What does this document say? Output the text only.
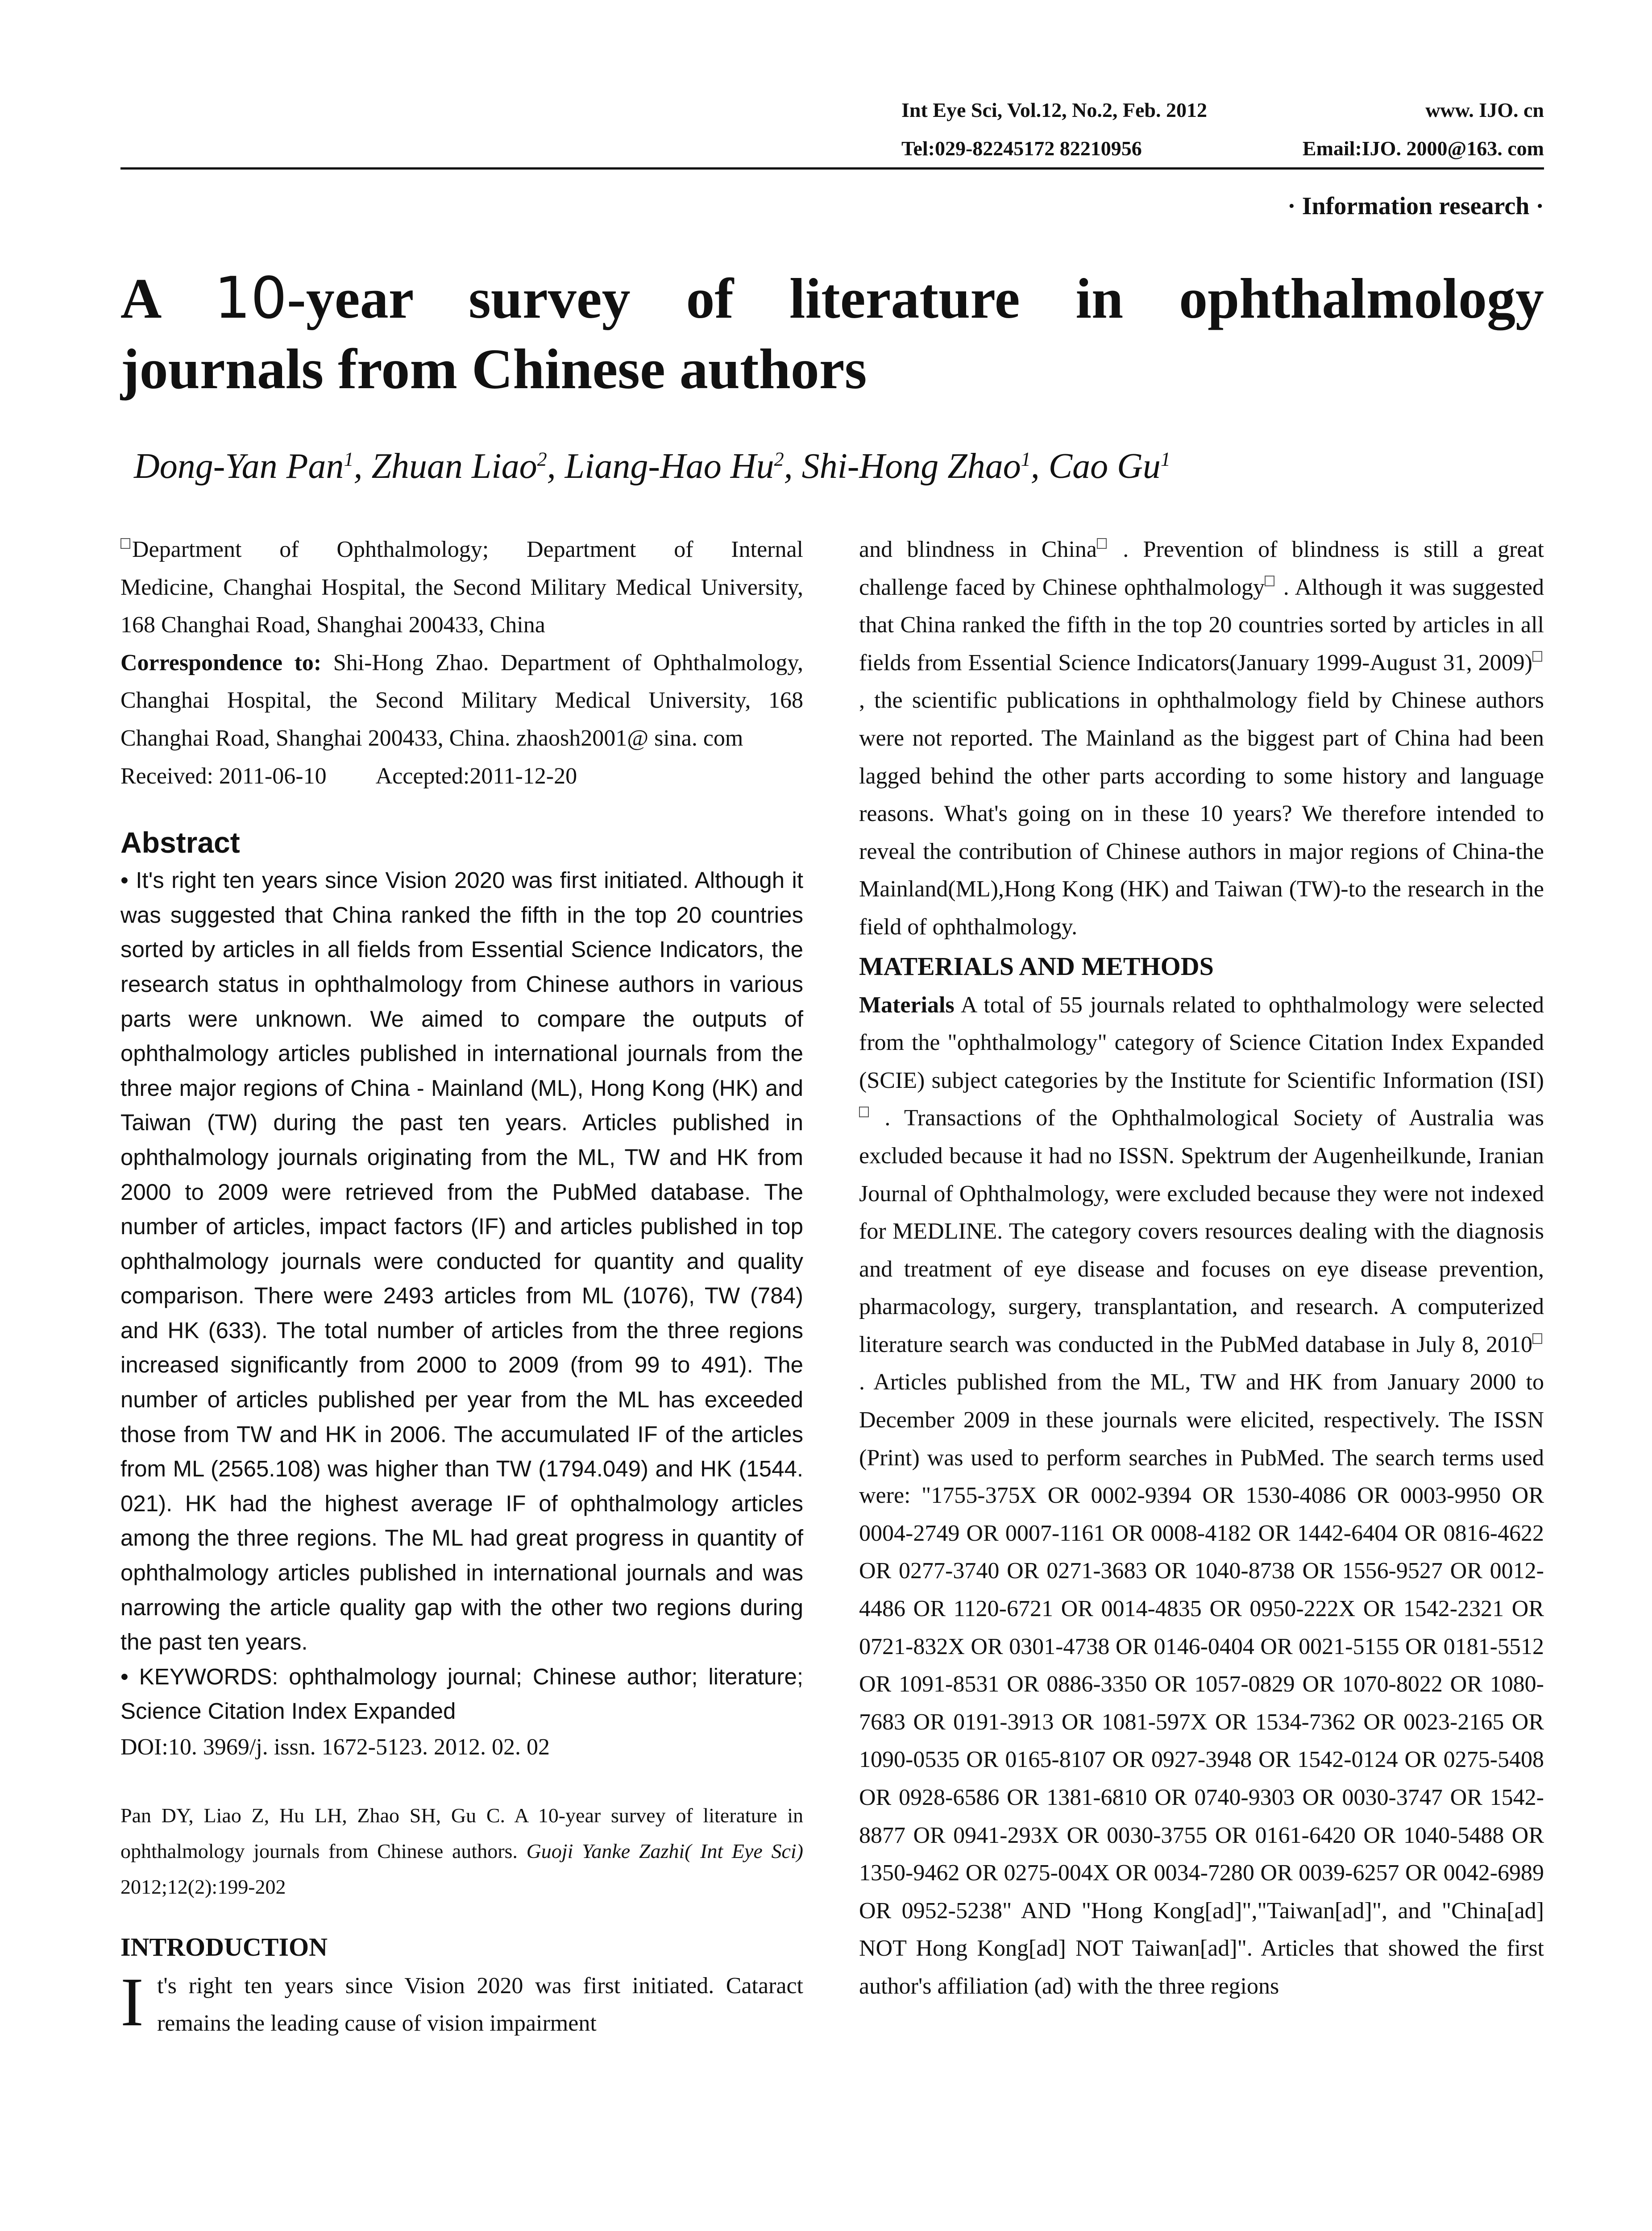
Int Eye Sci, Vol.12, No.2, Feb. 2012	www. IJO. cn
Tel:029-82245172 82210956	Email:IJO. 2000@163. com
· Information research ·
A 10-year survey of literature in ophthalmology
journals from Chinese authors
Dong-Yan Pan$^1$, Zhuan Liao$^2$, Liang-Hao Hu$^2$, Shi-Hong Zhao$^1$, Cao Gu$^1$

Department of Ophthalmology; Department of Internal

Medicine, Changhai Hospital, the Second Military Medical University, 168 Changhai Road, Shanghai 200433, China

Correspondence to: Shi-Hong Zhao. Department of Ophthalmology, Changhai Hospital, the Second Military Medical University, 168 Changhai Road, Shanghai 200433, China. zhaosh2001@ sina. com

Received: 2011-06-10 Accepted:2011-12-20

Abstract

• It's right ten years since Vision 2020 was first initiated. Although it was suggested that China ranked the fifth in the top 20 countries sorted by articles in all fields from Essential Science Indicators, the research status in ophthalmology from Chinese authors in various parts were unknown. We aimed to compare the outputs of ophthalmology articles published in international journals from the three major regions of China - Mainland (ML), Hong Kong (HK) and Taiwan (TW) during the past ten years. Articles published in ophthalmology journals originating from the ML, TW and HK from 2000 to 2009 were retrieved from the PubMed database. The number of articles, impact factors (IF) and articles published in top ophthalmology journals were conducted for quantity and quality comparison. There were 2493 articles from ML (1076), TW (784) and HK (633). The total number of articles from the three regions increased significantly from 2000 to 2009 (from 99 to 491). The number of articles published per year from the ML has exceeded those from TW and HK in 2006. The accumulated IF of the articles from ML (2565.108) was higher than TW (1794.049) and HK (1544. 021). HK had the highest average IF of ophthalmology articles among the three regions. The ML had great progress in quantity of ophthalmology articles published in international journals and was narrowing the article quality gap with the other two regions during the past ten years.

• KEYWORDS: ophthalmology journal; Chinese author; literature; Science Citation Index Expanded

DOI:10. 3969/j. issn. 1672-5123. 2012. 02. 02

Pan DY, Liao Z, Hu LH, Zhao SH, Gu C. A 10-year survey of literature in ophthalmology journals from Chinese authors. Guoji Yanke Zazhi( Int Eye Sci) 2012;12(2):199-202

INTRODUCTION

It's right ten years since Vision 2020 was first initiated. Cataract remains the leading cause of vision impairment

and blindness in China . Prevention of blindness is still a great challenge faced by Chinese ophthalmology . Although it was suggested that China ranked the fifth in the top 20 countries sorted by articles in all fields from Essential Science Indicators(January 1999-August 31, 2009) , the scientific publications in ophthalmology field by Chinese authors were not reported. The Mainland as the biggest part of China had been lagged behind the other parts according to some history and language reasons. What's going on in these 10 years? We therefore intended to reveal the contribution of Chinese authors in major regions of China-the Mainland(ML),Hong Kong (HK) and Taiwan (TW)-to the research in the field of ophthalmology.

MATERIALS AND METHODS

Materials A total of 55 journals related to ophthalmology were selected from the "ophthalmology" category of Science Citation Index Expanded (SCIE) subject categories by the Institute for Scientific Information (ISI) . Transactions of the Ophthalmological Society of Australia was excluded because it had no ISSN. Spektrum der Augenheilkunde, Iranian Journal of Ophthalmology, were excluded because they were not indexed for MEDLINE. The category covers resources dealing with the diagnosis and treatment of eye disease and focuses on eye disease prevention, pharmacology, surgery, transplantation, and research. A computerized literature search was conducted in the PubMed database in July 8, 2010 . Articles published from the ML, TW and HK from January 2000 to December 2009 in these journals were elicited, respectively. The ISSN (Print) was used to perform searches in PubMed. The search terms used were: "1755-375X OR 0002-9394 OR 1530-4086 OR 0003-9950 OR 0004-2749 OR 0007-1161 OR 0008-4182 OR 1442-6404 OR 0816-4622 OR 0277-3740 OR 0271-3683 OR 1040-8738 OR 1556-9527 OR 0012-4486 OR 1120-6721 OR 0014-4835 OR 0950-222X OR 1542-2321 OR 0721-832X OR 0301-4738 OR 0146-0404 OR 0021-5155 OR 0181-5512 OR 1091-8531 OR 0886-3350 OR 1057-0829 OR 1070-8022 OR 1080-7683 OR 0191-3913 OR 1081-597X OR 1534-7362 OR 0023-2165 OR 1090-0535 OR 0165-8107 OR 0927-3948 OR 1542-0124 OR 0275-5408 OR 0928-6586 OR 1381-6810 OR 0740-9303 OR 0030-3747 OR 1542-8877 OR 0941-293X OR 0030-3755 OR 0161-6420 OR 1040-5488 OR 1350-9462 OR 0275-004X OR 0034-7280 OR 0039-6257 OR 0042-6989 OR 0952-5238" AND "Hong Kong[ad]","Taiwan[ad]", and "China[ad] NOT Hong Kong[ad] NOT Taiwan[ad]". Articles that showed the first author's affiliation (ad) with the three regions
